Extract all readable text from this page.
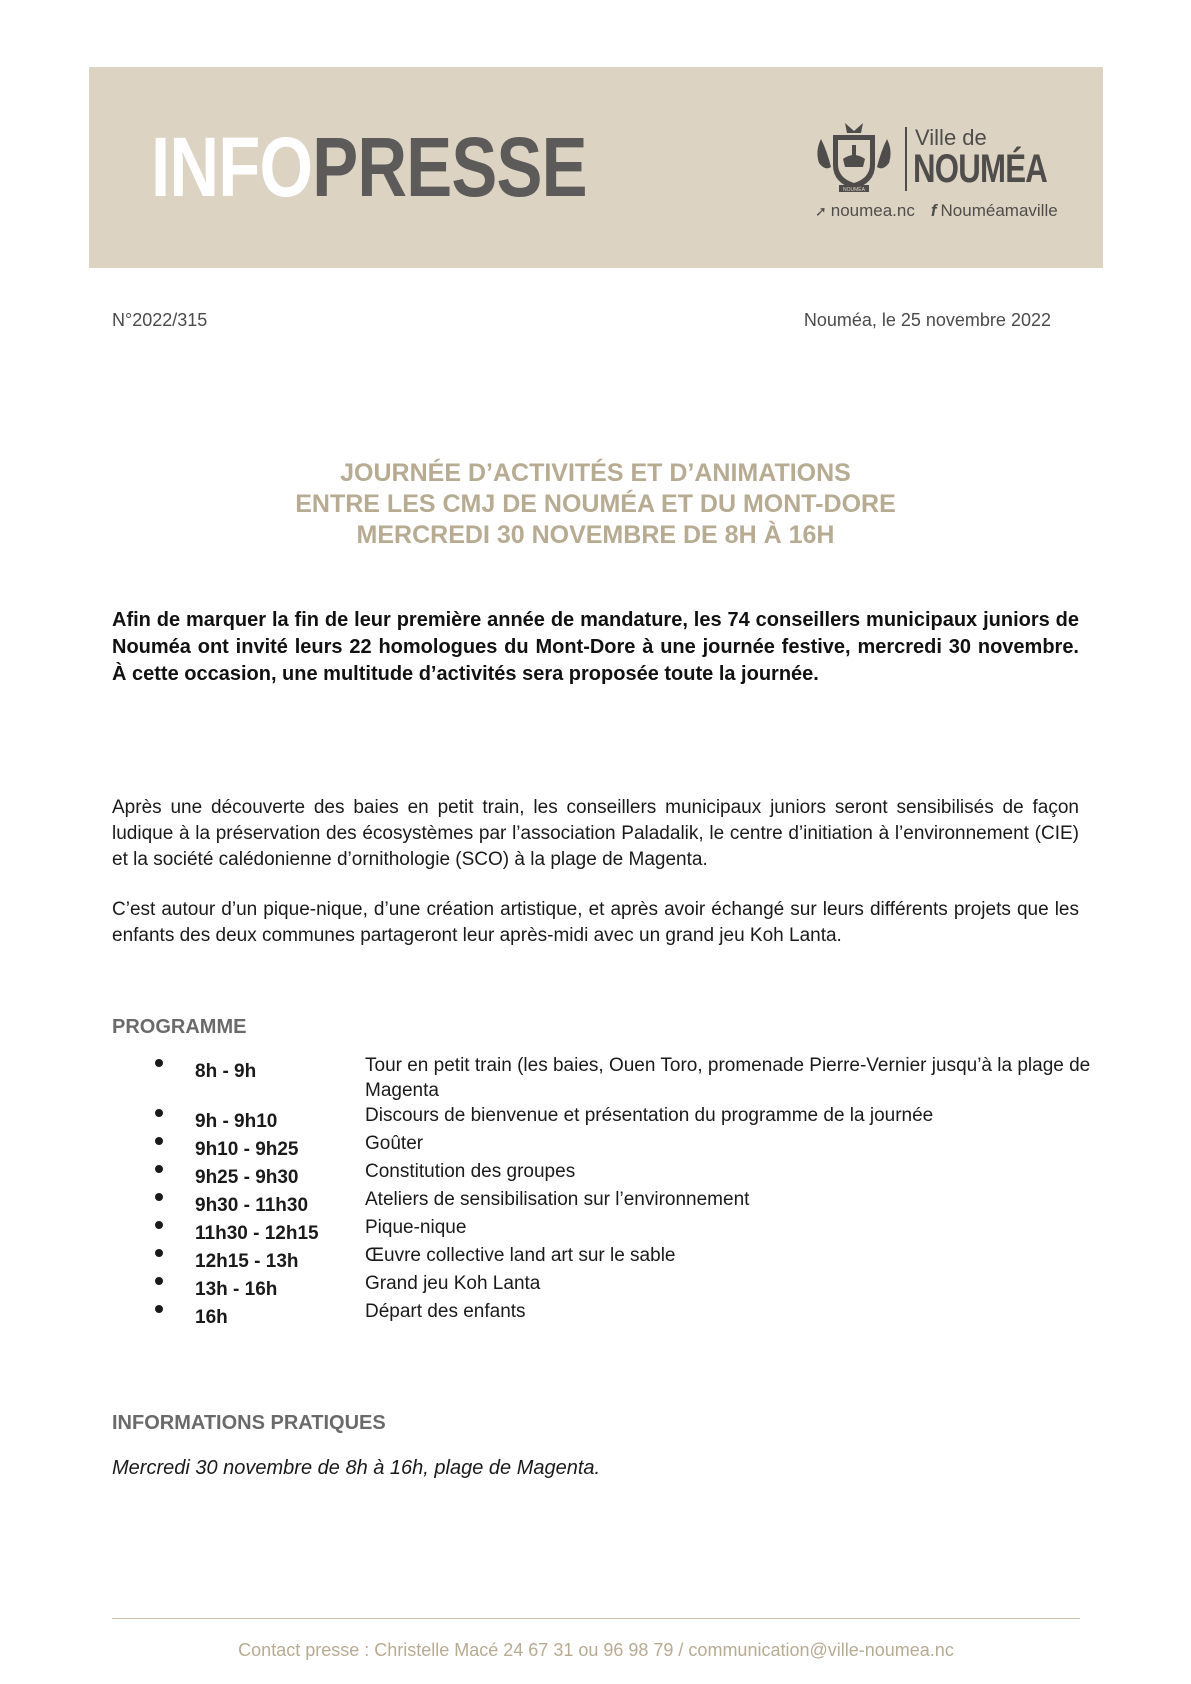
INFO PRESSE	NOUMÉA
Ville de
NOUMÉA
➚ noumea.nc f Nouméamaville
N°2022/315	Nouméa, le 25 novembre 2022
JOURNÉE D’ACTIVITÉS ET D’ANIMATIONS
ENTRE LES CMJ DE NOUMÉA ET DU MONT-DORE
MERCREDI 30 NOVEMBRE DE 8H À 16H

Afin de marquer la fin de leur première année de mandature, les 74 conseillers municipaux juniors de Nouméa ont invité leurs 22 homologues du Mont-Dore à une journée festive, mercredi 30 novembre. À cette occasion, une multitude d’activités sera proposée toute la journée.

Après une découverte des baies en petit train, les conseillers municipaux juniors seront sensibilisés de façon ludique à la préservation des écosystèmes par l’association Paladalik, le centre d’initiation à l’environnement (CIE) et la société calédonienne d’ornithologie (SCO) à la plage de Magenta.

C’est autour d’un pique-nique, d’une création artistique, et après avoir échangé sur leurs différents projets que les enfants des deux communes partageront leur après-midi avec un grand jeu Koh Lanta.

PROGRAMME
8h - 9h	Tour en petit train (les baies, Ouen Toro, promenade Pierre-Vernier jusqu’à la plage de Magenta
9h - 9h10	Discours de bienvenue et présentation du programme de la journée
9h10 - 9h25	Goûter
9h25 - 9h30	Constitution des groupes
9h30 - 11h30	Ateliers de sensibilisation sur l’environnement
11h30 - 12h15	Pique-nique
12h15 - 13h	Œuvre collective land art sur le sable
13h - 16h	Grand jeu Koh Lanta
16h	Départ des enfants
INFORMATIONS PRATIQUES
Mercredi 30 novembre de 8h à 16h, plage de Magenta.
Contact presse : Christelle Macé 24 67 31 ou 96 98 79 / communication@ville-noumea.nc
